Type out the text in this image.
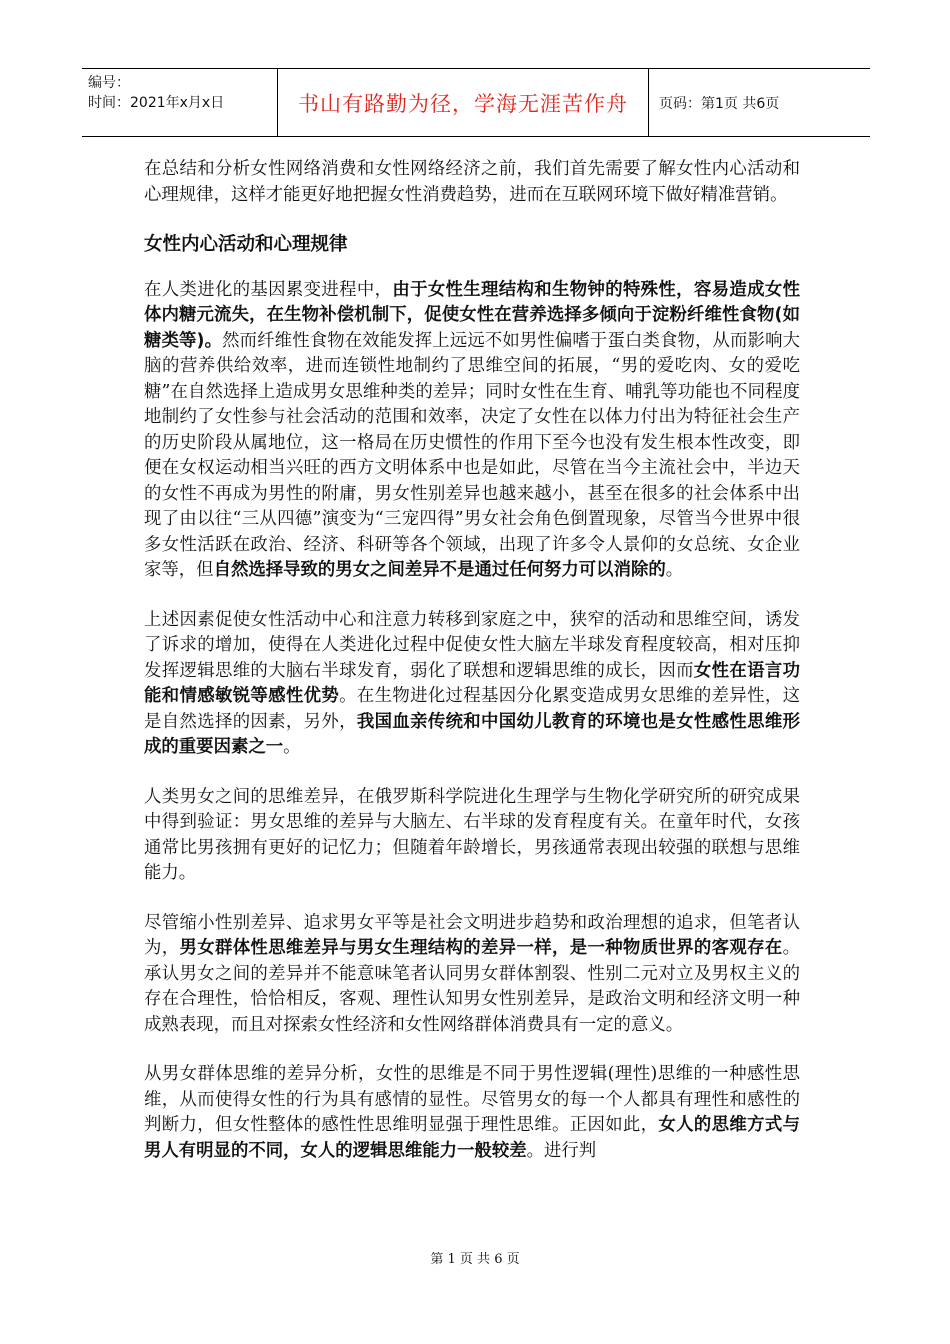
编号：
时间：2021年x月x日	书山有路勤为径，学海无涯苦作舟	页码：第1页 共6页

在总结和分析女性网络消费和女性网络经济之前，我们首先需要了解女性内心活动和心理规律，这样才能更好地把握女性消费趋势，进而在互联网环境下做好精准营销。

女性内心活动和心理规律

在人类进化的基因累变进程中，由于女性生理结构和生物钟的特殊性，容易造成女性体内糖元流失，在生物补偿机制下，促使女性在营养选择多倾向于淀粉纤维性食物(如糖类等)。然而纤维性食物在效能发挥上远远不如男性偏嗜于蛋白类食物，从而影响大脑的营养供给效率，进而连锁性地制约了思维空间的拓展，“男的爱吃肉、女的爱吃糖”在自然选择上造成男女思维种类的差异；同时女性在生育、哺乳等功能也不同程度地制约了女性参与社会活动的范围和效率，决定了女性在以体力付出为特征社会生产的历史阶段从属地位，这一格局在历史惯性的作用下至今也没有发生根本性改变，即便在女权运动相当兴旺的西方文明体系中也是如此，尽管在当今主流社会中，半边天的女性不再成为男性的附庸，男女性别差异也越来越小，甚至在很多的社会体系中出现了由以往“三从四德”演变为“三宠四得”男女社会角色倒置现象，尽管当今世界中很多女性活跃在政治、经济、科研等各个领域，出现了许多令人景仰的女总统、女企业家等，但自然选择导致的男女之间差异不是通过任何努力可以消除的。

上述因素促使女性活动中心和注意力转移到家庭之中，狭窄的活动和思维空间，诱发了诉求的增加，使得在人类进化过程中促使女性大脑左半球发育程度较高，相对压抑发挥逻辑思维的大脑右半球发育，弱化了联想和逻辑思维的成长，因而女性在语言功能和情感敏锐等感性优势。在生物进化过程基因分化累变造成男女思维的差异性，这是自然选择的因素，另外，我国血亲传统和中国幼儿教育的环境也是女性感性思维形成的重要因素之一。

人类男女之间的思维差异，在俄罗斯科学院进化生理学与生物化学研究所的研究成果中得到验证：男女思维的差异与大脑左、右半球的发育程度有关。在童年时代，女孩通常比男孩拥有更好的记忆力；但随着年龄增长，男孩通常表现出较强的联想与思维能力。

尽管缩小性别差异、追求男女平等是社会文明进步趋势和政治理想的追求，但笔者认为，男女群体性思维差异与男女生理结构的差异一样，是一种物质世界的客观存在。承认男女之间的差异并不能意味笔者认同男女群体割裂、性别二元对立及男权主义的存在合理性，恰恰相反，客观、理性认知男女性别差异，是政治文明和经济文明一种成熟表现，而且对探索女性经济和女性网络群体消费具有一定的意义。

从男女群体思维的差异分析，女性的思维是不同于男性逻辑(理性)思维的一种感性思维，从而使得女性的行为具有感情的显性。尽管男女的每一个人都具有理性和感性的判断力，但女性整体的感性性思维明显强于理性思维。正因如此，女人的思维方式与男人有明显的不同，女人的逻辑思维能力一般较差。进行判

第 1 页 共 6 页
